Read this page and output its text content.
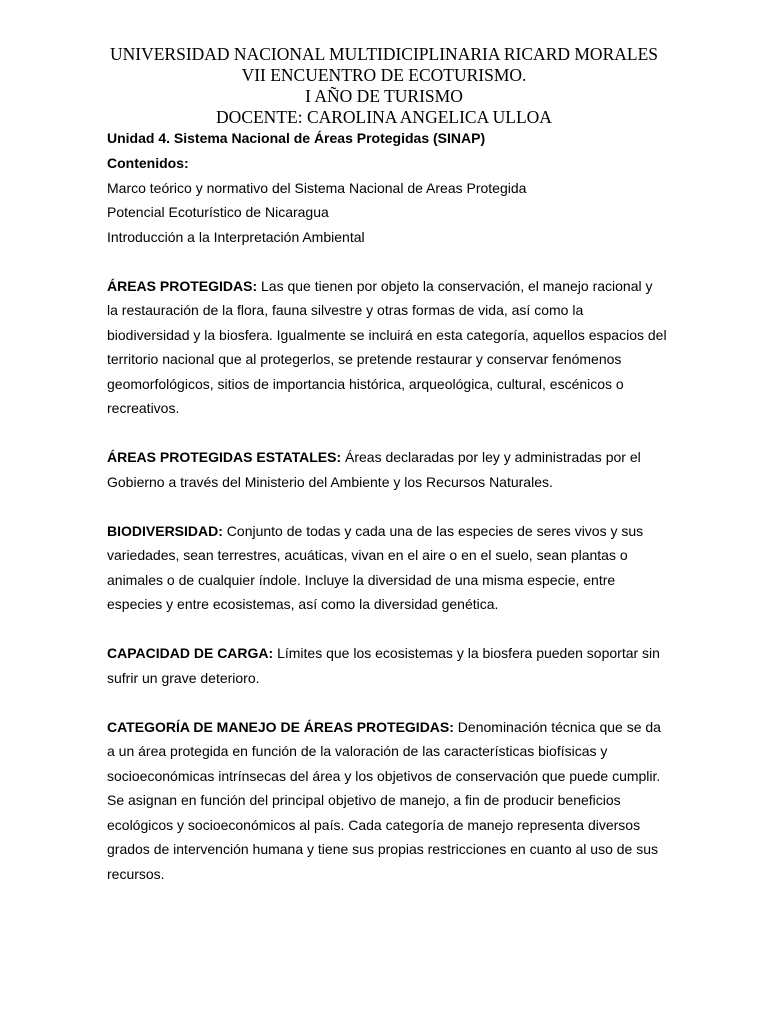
UNIVERSIDAD NACIONAL MULTIDICIPLINARIA RICARD MORALES
VII ENCUENTRO DE ECOTURISMO.
I AÑO DE TURISMO
DOCENTE: CAROLINA ANGELICA ULLOA

Unidad 4. Sistema Nacional de Áreas Protegidas (SINAP)

Contenidos:

Marco teórico y normativo del Sistema Nacional de Areas Protegida

Potencial Ecoturístico de Nicaragua

Introducción a la Interpretación Ambiental

ÁREAS PROTEGIDAS: Las que tienen por objeto la conservación, el manejo racional y la restauración de la flora, fauna silvestre y otras formas de vida, así como la biodiversidad y la biosfera. Igualmente se incluirá en esta categoría, aquellos espacios del territorio nacional que al protegerlos, se pretende restaurar y conservar fenómenos geomorfológicos, sitios de importancia histórica, arqueológica, cultural, escénicos o recreativos.

ÁREAS PROTEGIDAS ESTATALES: Áreas declaradas por ley y administradas por el Gobierno a través del Ministerio del Ambiente y los Recursos Naturales.

BIODIVERSIDAD: Conjunto de todas y cada una de las especies de seres vivos y sus variedades, sean terrestres, acuáticas, vivan en el aire o en el suelo, sean plantas o animales o de cualquier índole. Incluye la diversidad de una misma especie, entre especies y entre ecosistemas, así como la diversidad genética.

CAPACIDAD DE CARGA: Límites que los ecosistemas y la biosfera pueden soportar sin sufrir un grave deterioro.

CATEGORÍA DE MANEJO DE ÁREAS PROTEGIDAS: Denominación técnica que se da a un área protegida en función de la valoración de las características biofísicas y socioeconómicas intrínsecas del área y los objetivos de conservación que puede cumplir. Se asignan en función del principal objetivo de manejo, a fin de producir beneficios ecológicos y socioeconómicos al país. Cada categoría de manejo representa diversos grados de intervención humana y tiene sus propias restricciones en cuanto al uso de sus recursos.
